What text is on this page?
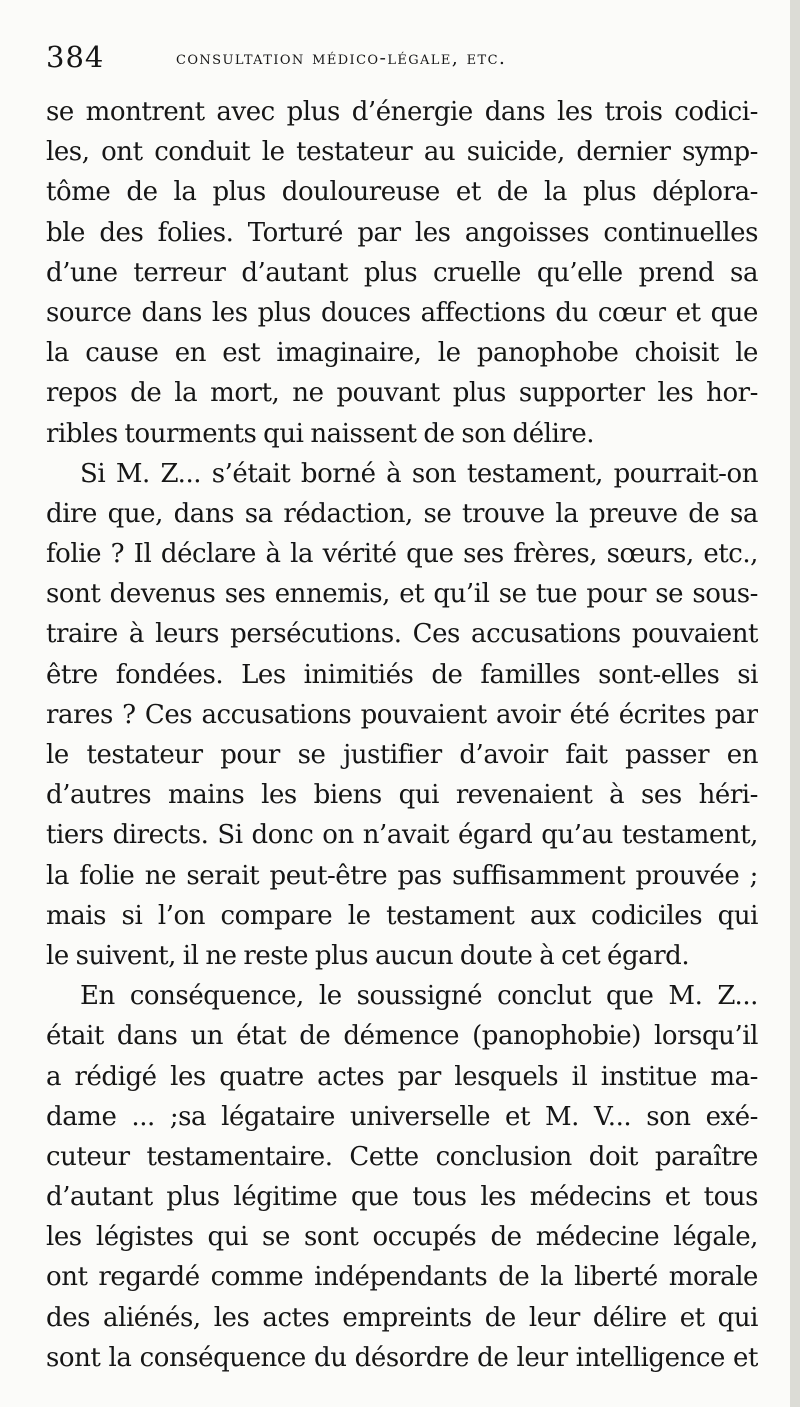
384	consultation médico-légale, etc.
se montrent avec plus d’énergie dans les trois codici-
les, ont conduit le testateur au suicide, dernier symp-
tôme de la plus douloureuse et de la plus déplora-
ble des folies. Torturé par les angoisses continuelles
d’une terreur d’autant plus cruelle qu’elle prend sa
source dans les plus douces affections du cœur et que
la cause en est imaginaire, le panophobe choisit le
repos de la mort, ne pouvant plus supporter les hor-
ribles tourments qui naissent de son délire.
Si M. Z... s’était borné à son testament, pourrait-on
dire que, dans sa rédaction, se trouve la preuve de sa
folie ? Il déclare à la vérité que ses frères, sœurs, etc.,
sont devenus ses ennemis, et qu’il se tue pour se sous-
traire à leurs persécutions. Ces accusations pouvaient
être fondées. Les inimitiés de familles sont-elles si
rares ? Ces accusations pouvaient avoir été écrites par
le testateur pour se justifier d’avoir fait passer en
d’autres mains les biens qui revenaient à ses héri-
tiers directs. Si donc on n’avait égard qu’au testament,
la folie ne serait peut-être pas suffisamment prouvée ;
mais si l’on compare le testament aux codiciles qui
le suivent, il ne reste plus aucun doute à cet égard.
En conséquence, le soussigné conclut que M. Z...
était dans un état de démence (panophobie) lorsqu’il
a rédigé les quatre actes par lesquels il institue ma-
dame ... ;sa légataire universelle et M. V... son exé-
cuteur testamentaire. Cette conclusion doit paraître
d’autant plus légitime que tous les médecins et tous
les légistes qui se sont occupés de médecine légale,
ont regardé comme indépendants de la liberté morale
des aliénés, les actes empreints de leur délire et qui
sont la conséquence du désordre de leur intelligence et
